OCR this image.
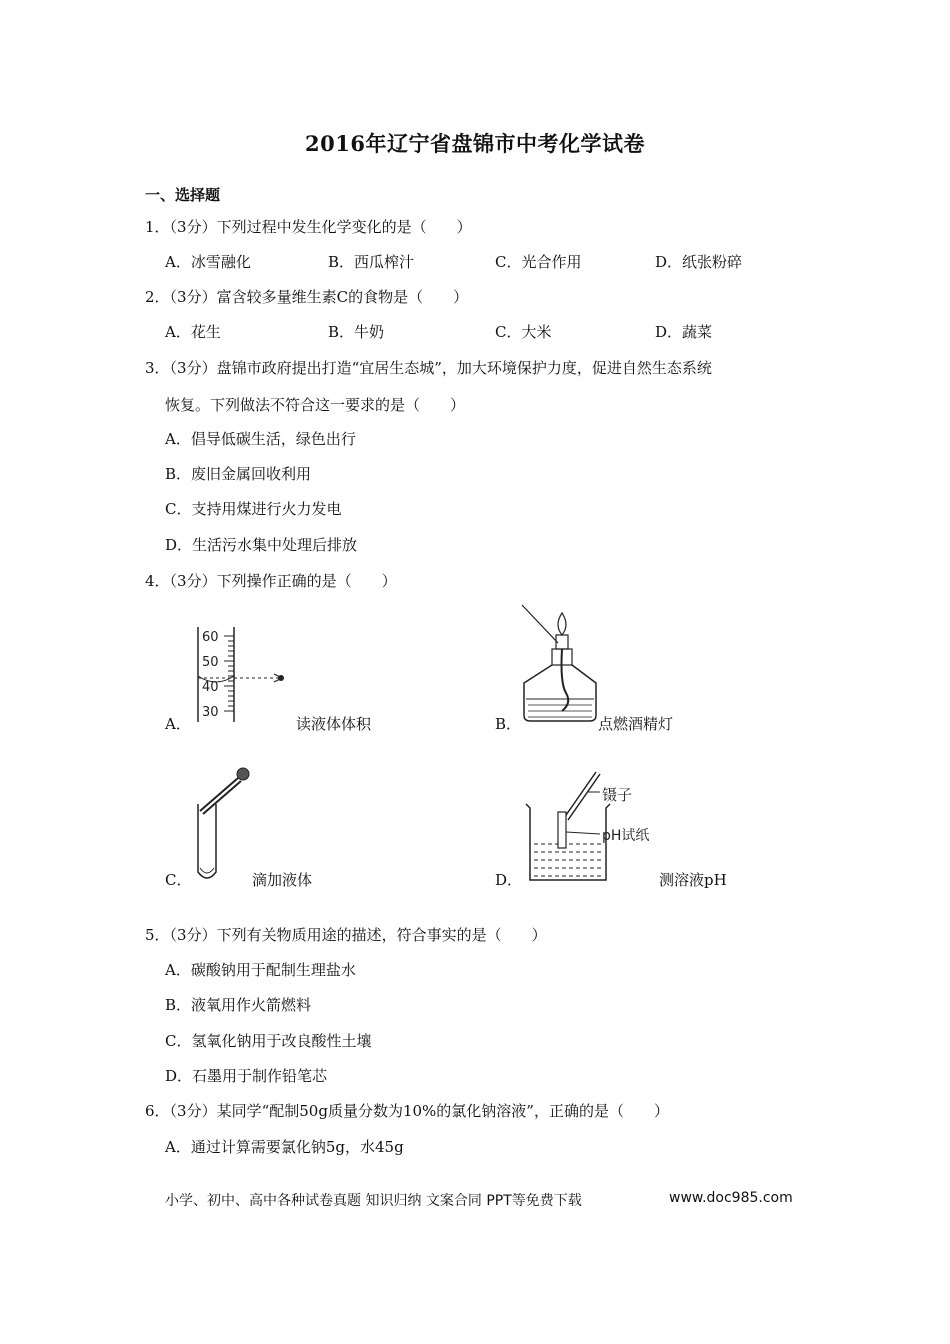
2016年辽宁省盘锦市中考化学试卷
一、选择题
1．（3分）下列过程中发生化学变化的是（　　）
A．冰雪融化	B．西瓜榨汁	C．光合作用	D．纸张粉碎
2．（3分）富含较多量维生素C的食物是（　　）
A．花生	B．牛奶	C．大米	D．蔬菜
3．（3分）盘锦市政府提出打造“宜居生态城”，加大环境保护力度，促进自然生态系统
恢复。下列做法不符合这一要求的是（　　）
A．倡导低碳生活，绿色出行
B．废旧金属回收利用
C．支持用煤进行火力发电
D．生活污水集中处理后排放
4．（3分）下列操作正确的是（　　）
A．
60
50
40
30
读液体体积	B．	点燃酒精灯
C．	滴加液体	D．
镊子
pH试纸
测溶液pH
5．（3分）下列有关物质用途的描述，符合事实的是（　　）
A．碳酸钠用于配制生理盐水
B．液氧用作火箭燃料
C．氢氧化钠用于改良酸性土壤
D．石墨用于制作铅笔芯
6．（3分）某同学“配制50g质量分数为10%的氯化钠溶液”，正确的是（　　）
A．通过计算需要氯化钠5g，水45g
小学、初中、高中各种试卷真题 知识归纳 文案合同 PPT等免费下载	www.doc985.com
